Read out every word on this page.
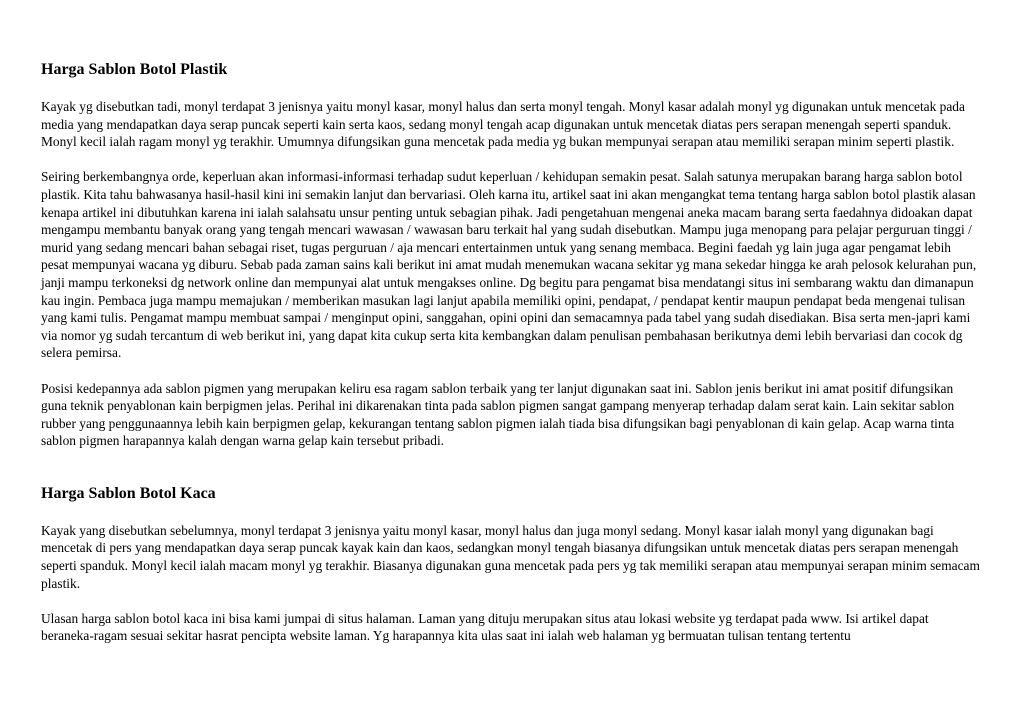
Harga Sablon Botol Plastik

Kayak yg disebutkan tadi, monyl terdapat 3 jenisnya yaitu monyl kasar, monyl halus dan serta monyl tengah. Monyl kasar adalah monyl yg digunakan untuk mencetak pada media yang mendapatkan daya serap puncak seperti kain serta kaos, sedang monyl tengah acap digunakan untuk mencetak diatas pers serapan menengah seperti spanduk. Monyl kecil ialah ragam monyl yg terakhir. Umumnya difungsikan guna mencetak pada media yg bukan mempunyai serapan atau memiliki serapan minim seperti plastik.

Seiring berkembangnya orde, keperluan akan informasi-informasi terhadap sudut keperluan / kehidupan semakin pesat. Salah satunya merupakan barang harga sablon botol plastik. Kita tahu bahwasanya hasil-hasil kini ini semakin lanjut dan bervariasi. Oleh karna itu, artikel saat ini akan mengangkat tema tentang harga sablon botol plastik alasan kenapa artikel ini dibutuhkan karena ini ialah salahsatu unsur penting untuk sebagian pihak. Jadi pengetahuan mengenai aneka macam barang serta faedahnya didoakan dapat mengampu membantu banyak orang yang tengah mencari wawasan / wawasan baru terkait hal yang sudah disebutkan. Mampu juga menopang para pelajar perguruan tinggi / murid yang sedang mencari bahan sebagai riset, tugas perguruan / aja mencari entertainmen untuk yang senang membaca. Begini faedah yg lain juga agar pengamat lebih pesat mempunyai wacana yg diburu. Sebab pada zaman sains kali berikut ini amat mudah menemukan wacana sekitar yg mana sekedar hingga ke arah pelosok kelurahan pun, janji mampu terkoneksi dg network online dan mempunyai alat untuk mengakses online. Dg begitu para pengamat bisa mendatangi situs ini sembarang waktu dan dimanapun kau ingin. Pembaca juga mampu memajukan / memberikan masukan lagi lanjut apabila memiliki opini, pendapat, / pendapat kentir maupun pendapat beda mengenai tulisan yang kami tulis. Pengamat mampu membuat sampai / menginput opini, sanggahan, opini opini dan semacamnya pada tabel yang sudah disediakan. Bisa serta men-japri kami via nomor yg sudah tercantum di web berikut ini, yang dapat kita cukup serta kita kembangkan dalam penulisan pembahasan berikutnya demi lebih bervariasi dan cocok dg selera pemirsa.

Posisi kedepannya ada sablon pigmen yang merupakan keliru esa ragam sablon terbaik yang ter lanjut digunakan saat ini. Sablon jenis berikut ini amat positif difungsikan guna teknik penyablonan kain berpigmen jelas. Perihal ini dikarenakan tinta pada sablon pigmen sangat gampang menyerap terhadap dalam serat kain. Lain sekitar sablon rubber yang penggunaannya lebih kain berpigmen gelap, kekurangan tentang sablon pigmen ialah tiada bisa difungsikan bagi penyablonan di kain gelap. Acap warna tinta sablon pigmen harapannya kalah dengan warna gelap kain tersebut pribadi.

Harga Sablon Botol Kaca

Kayak yang disebutkan sebelumnya, monyl terdapat 3 jenisnya yaitu monyl kasar, monyl halus dan juga monyl sedang. Monyl kasar ialah monyl yang digunakan bagi mencetak di pers yang mendapatkan daya serap puncak kayak kain dan kaos, sedangkan monyl tengah biasanya difungsikan untuk mencetak diatas pers serapan menengah seperti spanduk. Monyl kecil ialah macam monyl yg terakhir. Biasanya digunakan guna mencetak pada pers yg tak memiliki serapan atau mempunyai serapan minim semacam plastik.

Ulasan harga sablon botol kaca ini bisa kami jumpai di situs halaman. Laman yang dituju merupakan situs atau lokasi website yg terdapat pada www. Isi artikel dapat beraneka-ragam sesuai sekitar hasrat pencipta website laman. Yg harapannya kita ulas saat ini ialah web halaman yg bermuatan tulisan tentang tertentu
